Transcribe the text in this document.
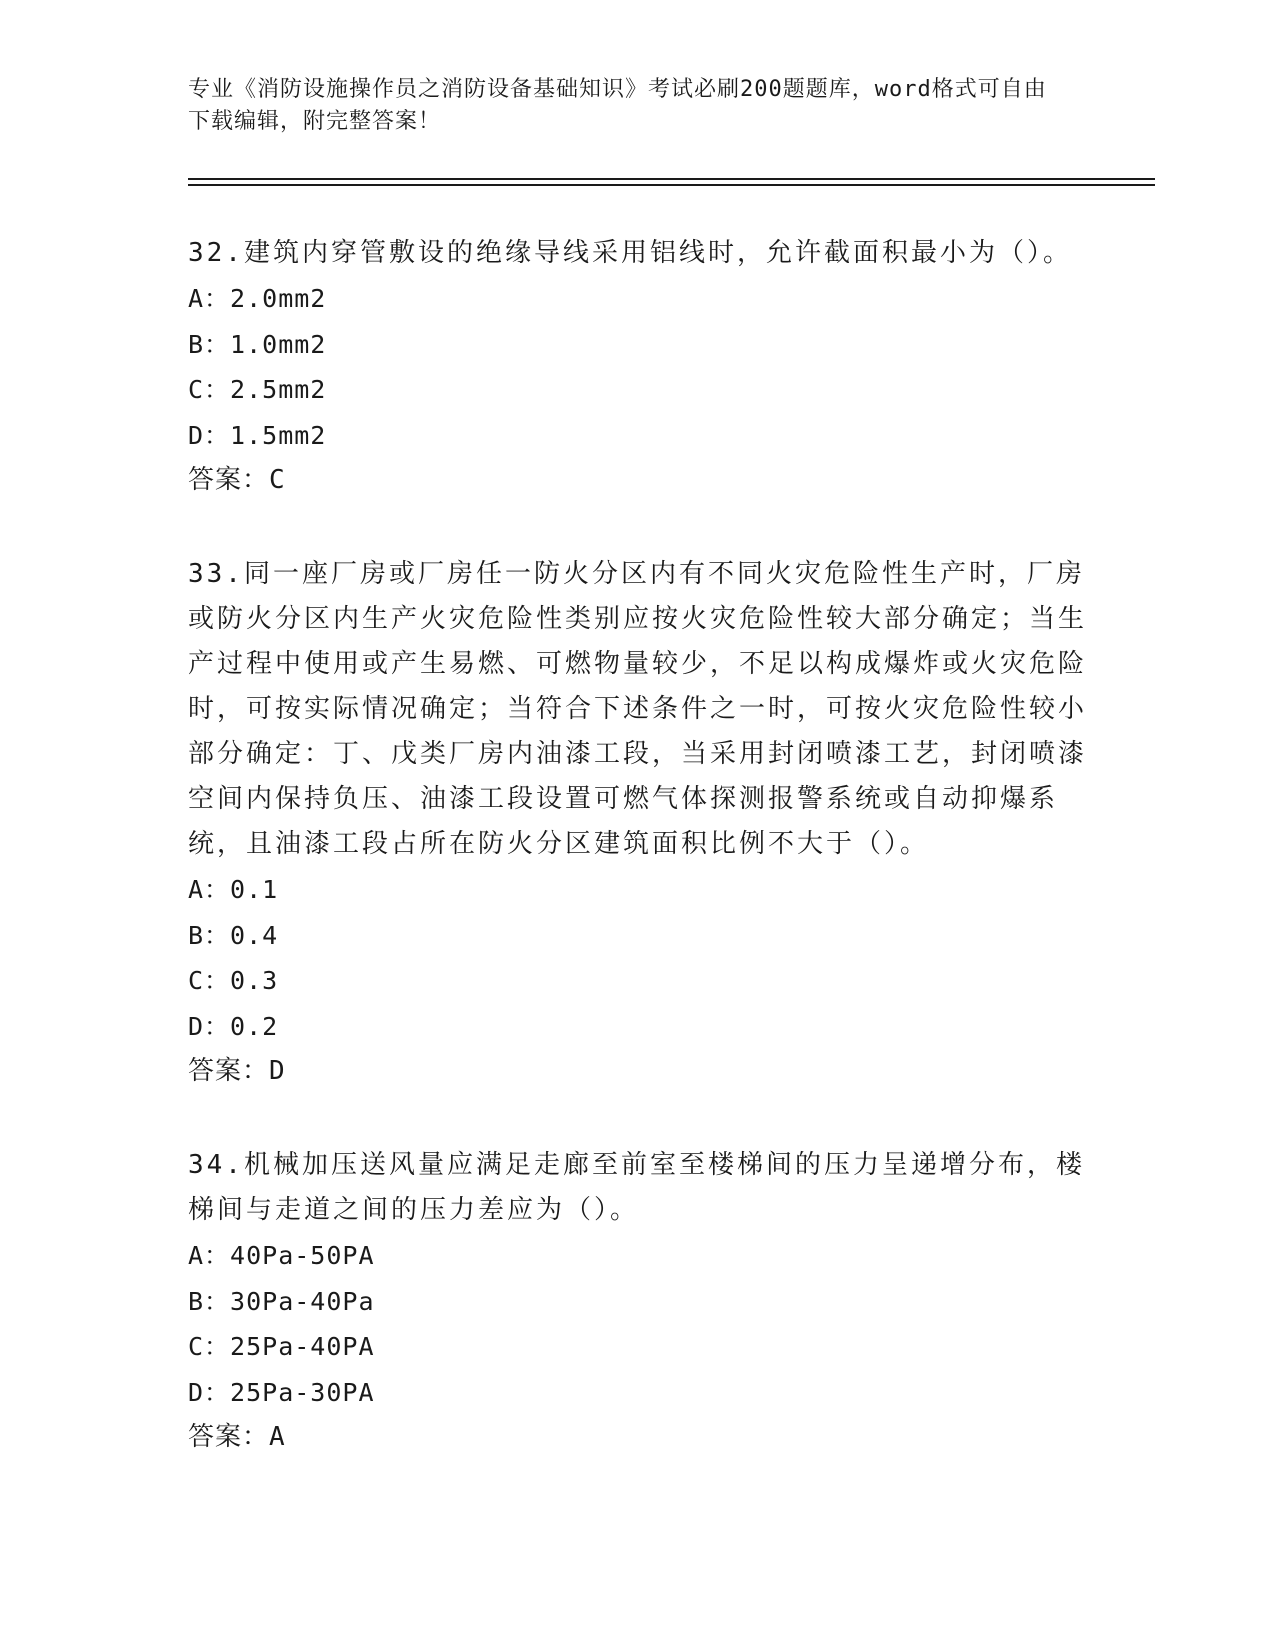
专业《消防设施操作员之消防设备基础知识》考试必刷200题题库，word格式可自由下载编辑，附完整答案！

32.建筑内穿管敷设的绝缘导线采用铝线时，允许截面积最小为（）。

A：2.0mm2

B：1.0mm2

C：2.5mm2

D：1.5mm2

答案：C

33.同一座厂房或厂房任一防火分区内有不同火灾危险性生产时，厂房或防火分区内生产火灾危险性类别应按火灾危险性较大部分确定；当生产过程中使用或产生易燃、可燃物量较少，不足以构成爆炸或火灾危险时，可按实际情况确定；当符合下述条件之一时，可按火灾危险性较小部分确定：丁、戊类厂房内油漆工段，当采用封闭喷漆工艺，封闭喷漆空间内保持负压、油漆工段设置可燃气体探测报警系统或自动抑爆系统，且油漆工段占所在防火分区建筑面积比例不大于（）。

A：0.1

B：0.4

C：0.3

D：0.2

答案：D

34.机械加压送风量应满足走廊至前室至楼梯间的压力呈递增分布，楼梯间与走道之间的压力差应为（）。

A：40Pa-50PA

B：30Pa-40Pa

C：25Pa-40PA

D：25Pa-30PA

答案：A
